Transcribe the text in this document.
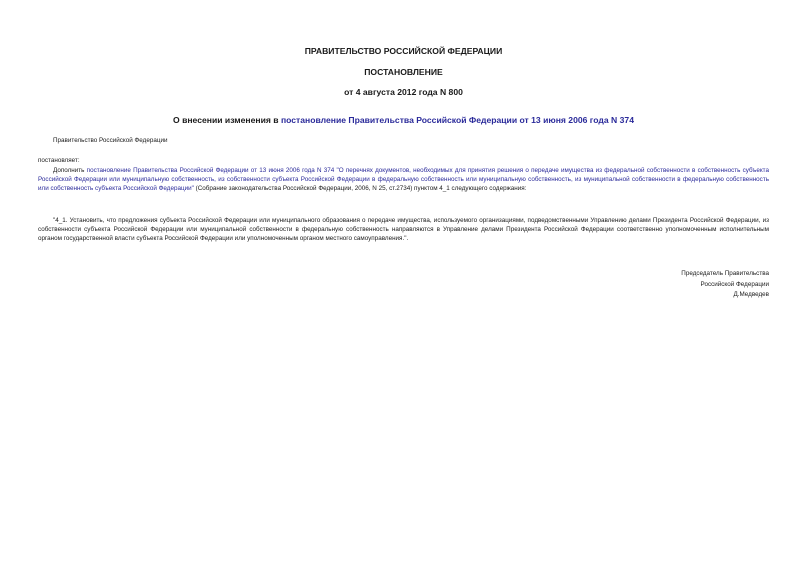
ПРАВИТЕЛЬСТВО РОССИЙСКОЙ ФЕДЕРАЦИИ
ПОСТАНОВЛЕНИЕ
от 4 августа 2012 года N 800
О внесении изменения в постановление Правительства Российской Федерации от 13 июня 2006 года N 374
Правительство Российской Федерации
постановляет:
Дополнить постановление Правительства Российской Федерации от 13 июня 2006 года N 374 "О перечнях документов, необходимых для принятия решения о передаче имущества из федеральной собственности в собственность субъекта Российской Федерации или муниципальную собственность, из собственности субъекта Российской Федерации в федеральную собственность или муниципальную собственность, из муниципальной собственности в федеральную собственность или собственность субъекта Российской Федерации" (Собрание законодательства Российской Федерации, 2006, N 25, ст.2734) пунктом 4_1 следующего содержания:
"4_1. Установить, что предложения субъекта Российской Федерации или муниципального образования о передаче имущества, используемого организациями, подведомственными Управлению делами Президента Российской Федерации, из собственности субъекта Российской Федерации или муниципальной собственности в федеральную собственность направляются в Управление делами Президента Российской Федерации соответственно уполномоченным исполнительным органом государственной власти субъекта Российской Федерации или уполномоченным органом местного самоуправления.".
Председатель Правительства
Российской Федерации
Д.Медведев
